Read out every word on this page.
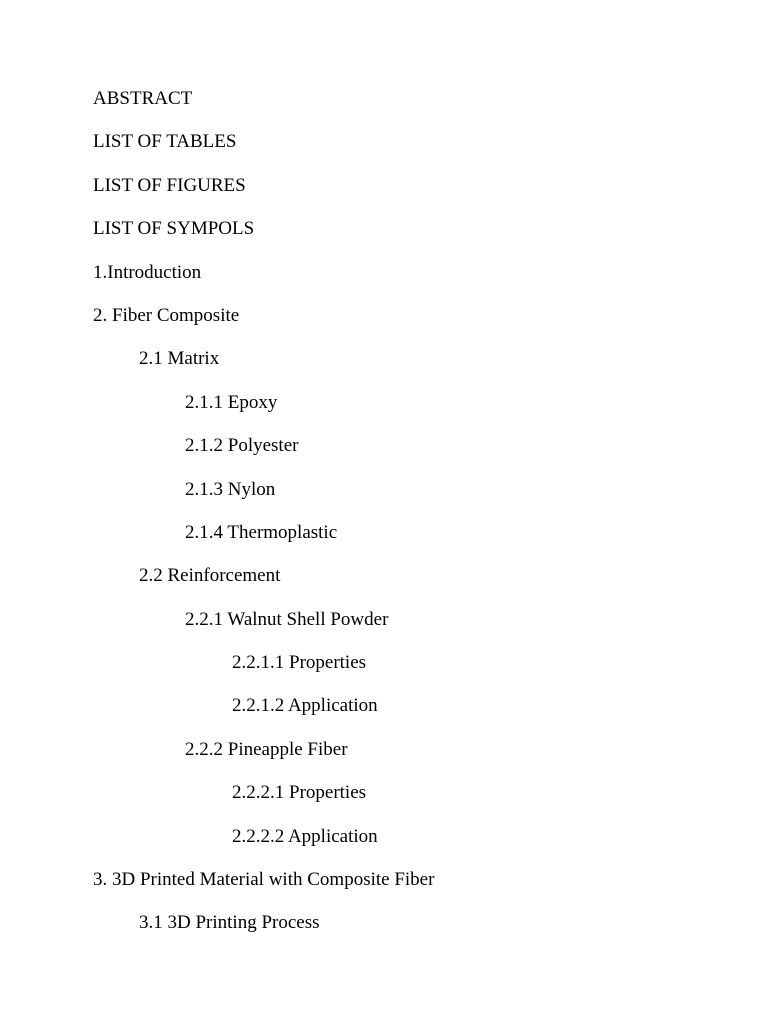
ABSTRACT
LIST OF TABLES
LIST OF FIGURES
LIST OF SYMPOLS
1.Introduction
2. Fiber Composite
2.1 Matrix
2.1.1 Epoxy
2.1.2 Polyester
2.1.3 Nylon
2.1.4 Thermoplastic
2.2 Reinforcement
2.2.1 Walnut Shell Powder
2.2.1.1 Properties
2.2.1.2 Application
2.2.2 Pineapple Fiber
2.2.2.1 Properties
2.2.2.2 Application
3. 3D Printed Material with Composite Fiber
3.1 3D Printing Process
